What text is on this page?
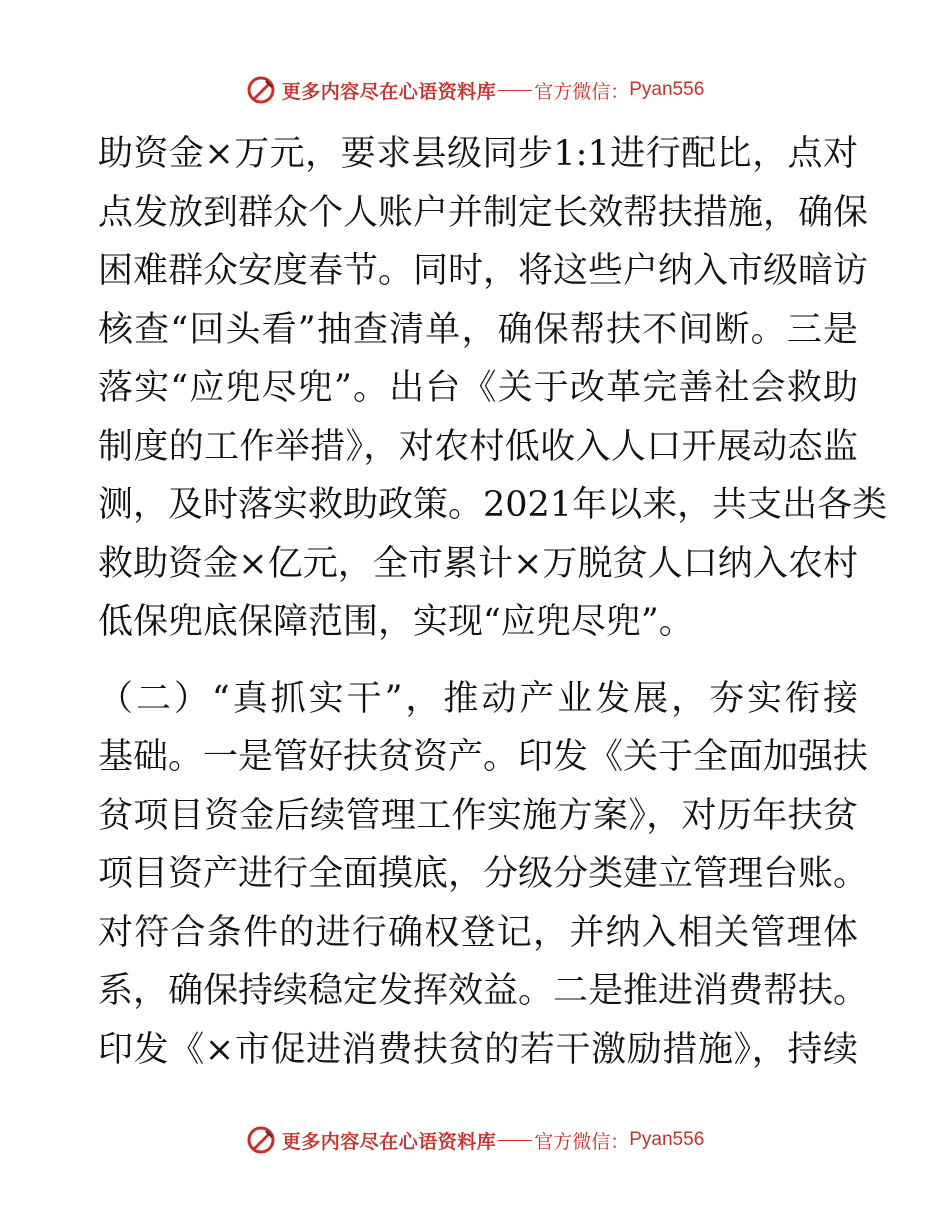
更多内容尽在心语资料库 官方微信： Pyan556
助资金×万元，要求县级同步1:1进行配比，点对
点发放到群众个人账户并制定长效帮扶措施，确保
困难群众安度春节。同时，将这些户纳入市级暗访
核查“回头看”抽查清单，确保帮扶不间断。三是
落实“应兜尽兜”。出台《关于改革完善社会救助
制度的工作举措》，对农村低收入人口开展动态监
测，及时落实救助政策。2021年以来，共支出各类
救助资金×亿元，全市累计×万脱贫人口纳入农村
低保兜底保障范围，实现“应兜尽兜”。
（二）“真抓实干”，推动产业发展，夯实衔接
基础。一是管好扶贫资产。印发《关于全面加强扶
贫项目资金后续管理工作实施方案》，对历年扶贫
项目资产进行全面摸底，分级分类建立管理台账。
对符合条件的进行确权登记，并纳入相关管理体
系，确保持续稳定发挥效益。二是推进消费帮扶。
印发《×市促进消费扶贫的若干激励措施》，持续
更多内容尽在心语资料库 官方微信： Pyan556
